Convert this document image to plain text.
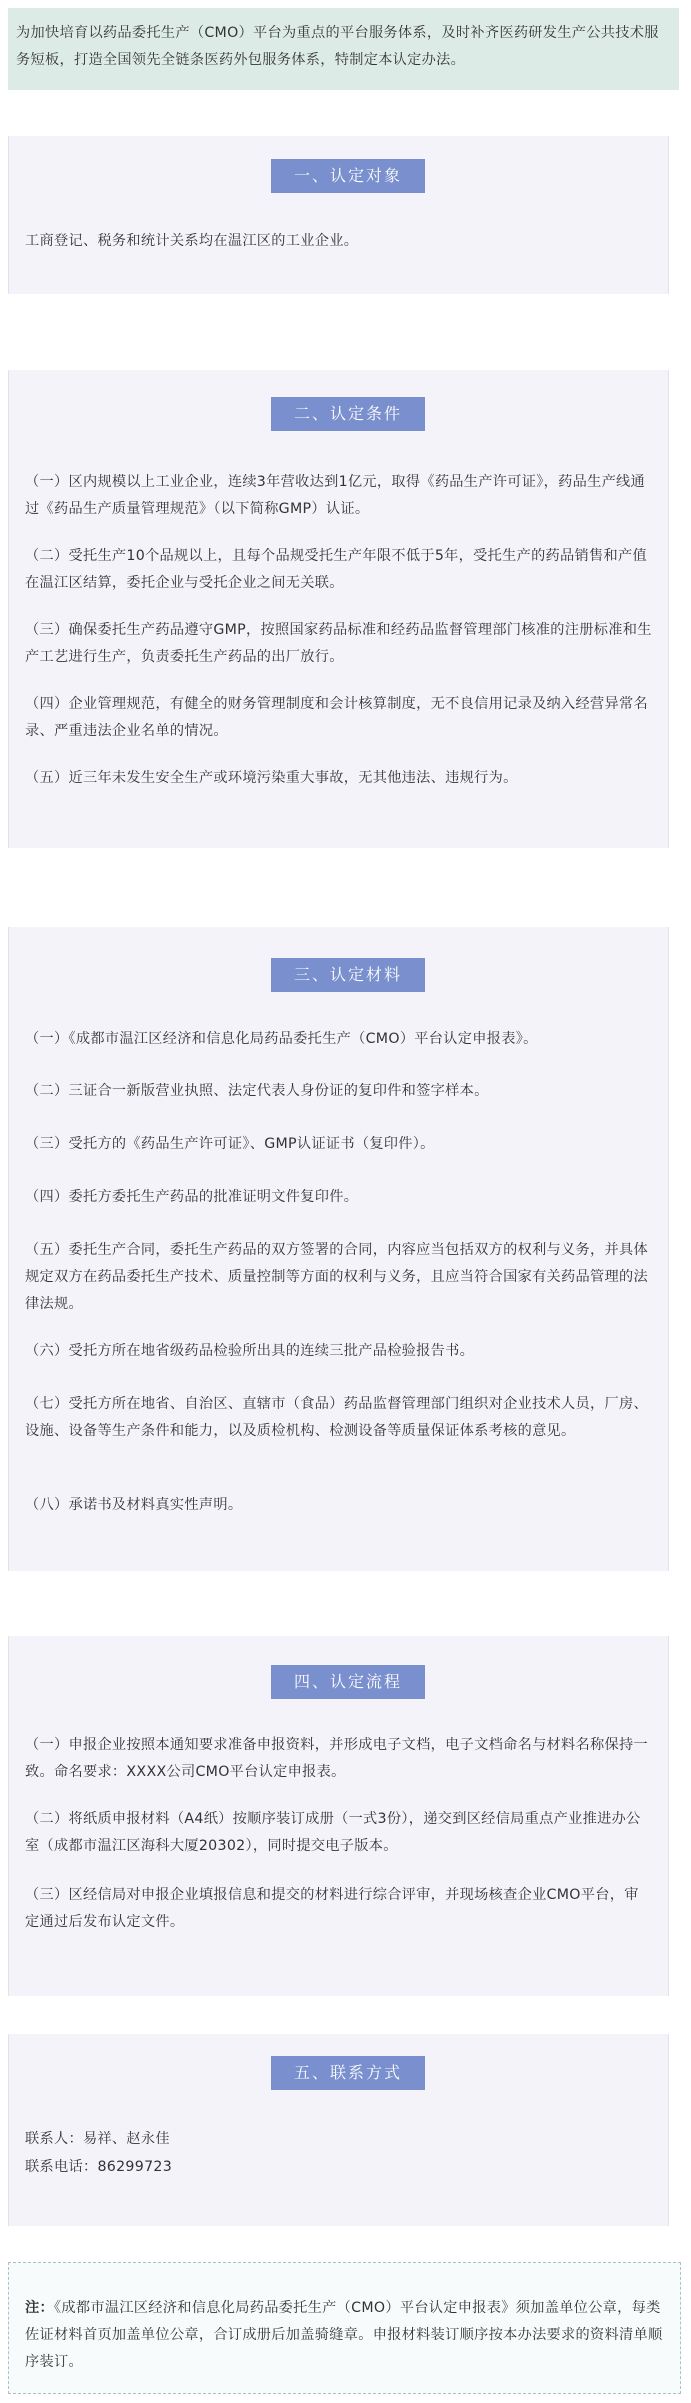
为加快培育以药品委托生产（CMO）平台为重点的平台服务体系，及时补齐医药研发生产公共技术服务短板，打造全国领先全链条医药外包服务体系，特制定本认定办法。
一、认定对象
工商登记、税务和统计关系均在温江区的工业企业。
二、认定条件
（一）区内规模以上工业企业，连续3年营收达到1亿元，取得《药品生产许可证》，药品生产线通过《药品生产质量管理规范》（以下简称GMP）认证。
（二）受托生产10个品规以上，且每个品规受托生产年限不低于5年，受托生产的药品销售和产值在温江区结算，委托企业与受托企业之间无关联。
（三）确保委托生产药品遵守GMP，按照国家药品标准和经药品监督管理部门核准的注册标准和生产工艺进行生产，负责委托生产药品的出厂放行。
（四）企业管理规范，有健全的财务管理制度和会计核算制度，无不良信用记录及纳入经营异常名录、严重违法企业名单的情况。
（五）近三年未发生安全生产或环境污染重大事故，无其他违法、违规行为。
三、认定材料
（一）《成都市温江区经济和信息化局药品委托生产（CMO）平台认定申报表》。
（二）三证合一新版营业执照、法定代表人身份证的复印件和签字样本。
（三）受托方的《药品生产许可证》、GMP认证证书（复印件）。
（四）委托方委托生产药品的批准证明文件复印件。
（五）委托生产合同，委托生产药品的双方签署的合同，内容应当包括双方的权利与义务，并具体规定双方在药品委托生产技术、质量控制等方面的权利与义务，且应当符合国家有关药品管理的法律法规。
（六）受托方所在地省级药品检验所出具的连续三批产品检验报告书。
（七）受托方所在地省、自治区、直辖市（食品）药品监督管理部门组织对企业技术人员，厂房、设施、设备等生产条件和能力，以及质检机构、检测设备等质量保证体系考核的意见。
（八）承诺书及材料真实性声明。
四、认定流程
（一）申报企业按照本通知要求准备申报资料，并形成电子文档，电子文档命名与材料名称保持一致。命名要求：XXXX公司CMO平台认定申报表。
（二）将纸质申报材料（A4纸）按顺序装订成册（一式3份），递交到区经信局重点产业推进办公室（成都市温江区海科大厦20302），同时提交电子版本。
（三）区经信局对申报企业填报信息和提交的材料进行综合评审，并现场核查企业CMO平台，审定通过后发布认定文件。
五、联系方式
联系人：易祥、赵永佳
联系电话：86299723
注：《成都市温江区经济和信息化局药品委托生产（CMO）平台认定申报表》须加盖单位公章，每类佐证材料首页加盖单位公章，合订成册后加盖骑缝章。申报材料装订顺序按本办法要求的资料清单顺序装订。
